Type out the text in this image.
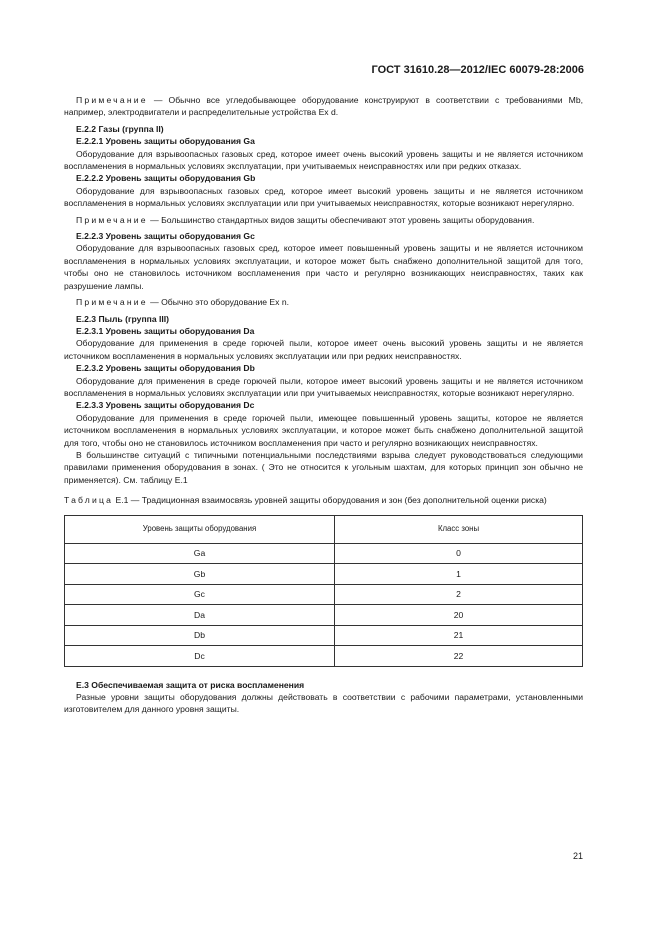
ГОСТ 31610.28—2012/IEC 60079-28:2006

Примечание — Обычно все угледобывающее оборудование конструируют в соответствии с требованиями Mb, например, электродвигатели и распределительные устройства Ex d.

Е.2.2 Газы (группа II)

Е.2.2.1 Уровень защиты оборудования Ga

Оборудование для взрывоопасных газовых сред, которое имеет очень высокий уровень защиты и не является источником воспламенения в нормальных условиях эксплуатации, при учитываемых неисправностях или при редких отказах.

Е.2.2.2 Уровень защиты оборудования Gb

Оборудование для взрывоопасных газовых сред, которое имеет высокий уровень защиты и не является источником воспламенения в нормальных условиях эксплуатации или при учитываемых неисправностях, которые возникают нерегулярно.

Примечание — Большинство стандартных видов защиты обеспечивают этот уровень защиты оборудования.

Е.2.2.3 Уровень защиты оборудования Gc

Оборудование для взрывоопасных газовых сред, которое имеет повышенный уровень защиты и не является источником воспламенения в нормальных условиях эксплуатации, и которое может быть снабжено дополнительной защитой для того, чтобы оно не становилось источником воспламенения при часто и регулярно возникающих неисправностях, таких как разрушение лампы.

Примечание — Обычно это оборудование Ex n.

Е.2.3 Пыль (группа III)

Е.2.3.1 Уровень защиты оборудования Da

Оборудование для применения в среде горючей пыли, которое имеет очень высокий уровень защиты и не является источником воспламенения в нормальных условиях эксплуатации или при редких неисправностях.

Е.2.3.2 Уровень защиты оборудования Db

Оборудование для применения в среде горючей пыли, которое имеет высокий уровень защиты и не является источником воспламенения в нормальных условиях эксплуатации или при учитываемых неисправностях, которые возникают нерегулярно.

Е.2.3.3 Уровень защиты оборудования Dc

Оборудование для применения в среде горючей пыли, имеющее повышенный уровень защиты, которое не является источником воспламенения в нормальных условиях эксплуатации, и которое может быть снабжено дополнительной защитой для того, чтобы оно не становилось источником воспламенения при часто и регулярно возникающих неисправностях.

В большинстве ситуаций с типичными потенциальными последствиями взрыва следует руководствоваться следующими правилами применения оборудования в зонах. ( Это не относится к угольным шахтам, для которых принцип зон обычно не применяется). См. таблицу Е.1

Таблица Е.1 — Традиционная взаимосвязь уровней защиты оборудования и зон (без дополнительной оценки риска)

Уровень защиты оборудования	Класс зоны
Ga	0
Gb	1
Gc	2
Da	20
Db	21
Dc	22

Е.3 Обеспечиваемая защита от риска воспламенения

Разные уровни защиты оборудования должны действовать в соответствии с рабочими параметрами, установленными изготовителем для данного уровня защиты.

21
